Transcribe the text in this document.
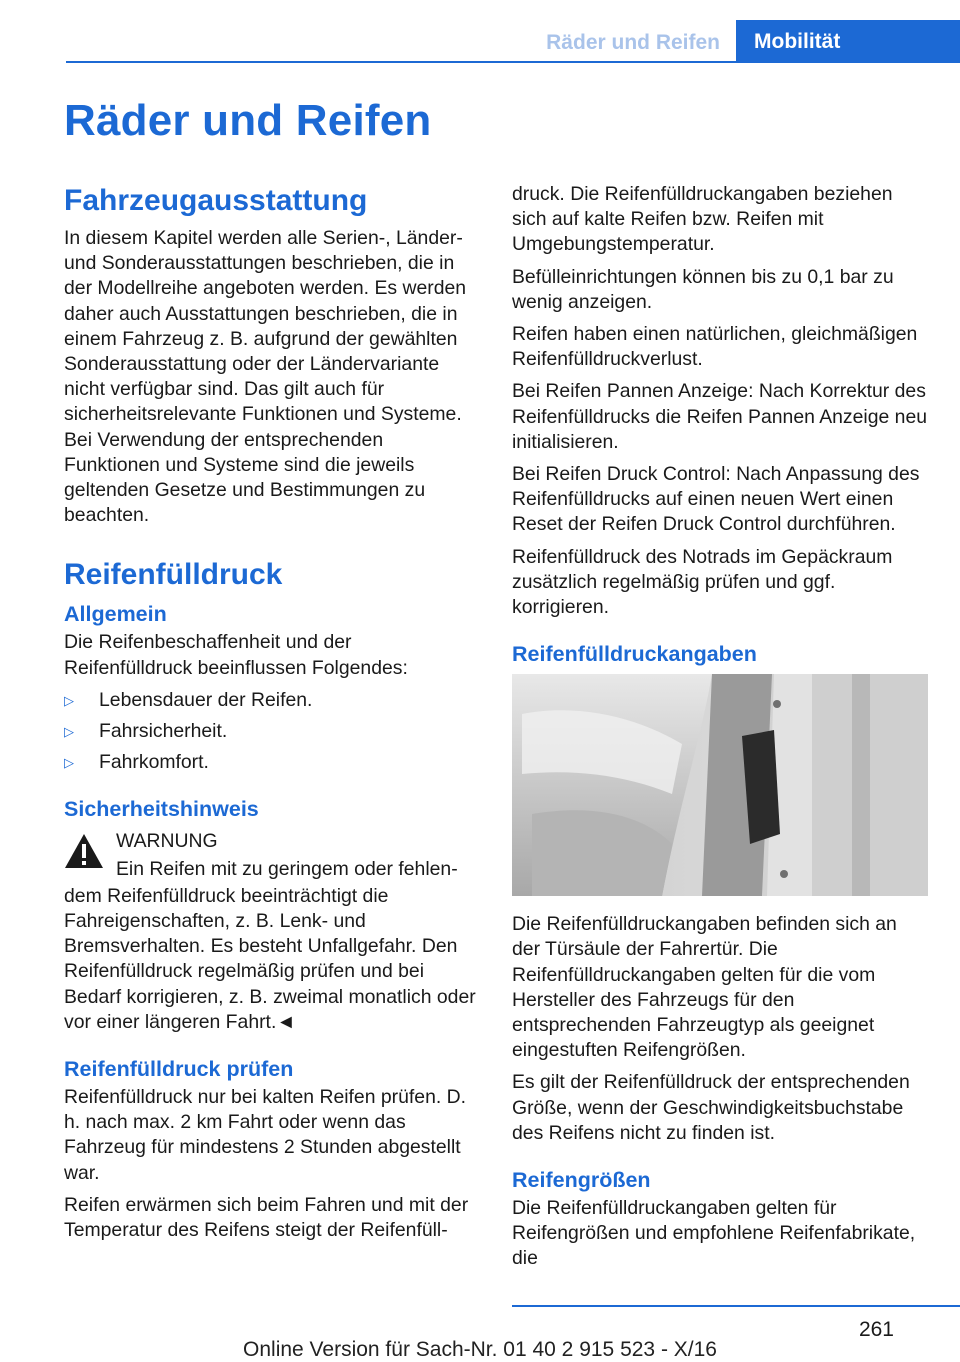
Räder und Reifen	Mobilität
Räder und Reifen
Fahrzeugausstattung

In diesem Kapitel werden alle Serien-, Länder- und Sonderausstattungen beschrieben, die in der Modellreihe angeboten werden. Es werden daher auch Ausstattungen beschrieben, die in einem Fahrzeug z. B. aufgrund der gewählten Sonderausstattung oder der Ländervariante nicht verfügbar sind. Das gilt auch für sicherheitsrelevante Funktionen und Systeme. Bei Verwendung der entsprechenden Funktionen und Systeme sind die jeweils geltenden Gesetze und Bestimmungen zu beachten.

Reifenfülldruck
Allgemein

Die Reifenbeschaffenheit und der Reifenfülldruck beeinflussen Folgendes:

▷ Lebensdauer der Reifen.
▷ Fahrsicherheit.
▷ Fahrkomfort.
Sicherheitshinweis

WARNUNG

Ein Reifen mit zu geringem oder fehlen-

dem Reifenfülldruck beeinträchtigt die Fahreigenschaften, z. B. Lenk- und Bremsverhalten. Es besteht Unfallgefahr. Den Reifenfülldruck regelmäßig prüfen und bei Bedarf korrigieren, z. B. zweimal monatlich oder vor einer längeren Fahrt.◄

Reifenfülldruck prüfen

Reifenfülldruck nur bei kalten Reifen prüfen. D. h. nach max. 2 km Fahrt oder wenn das Fahrzeug für mindestens 2 Stunden abgestellt war.

Reifen erwärmen sich beim Fahren und mit der Temperatur des Reifens steigt der Reifenfüll-

druck. Die Reifenfülldruckangaben beziehen sich auf kalte Reifen bzw. Reifen mit Umgebungstemperatur.

Befülleinrichtungen können bis zu 0,1 bar zu wenig anzeigen.

Reifen haben einen natürlichen, gleichmäßigen Reifenfülldruckverlust.

Bei Reifen Pannen Anzeige: Nach Korrektur des Reifenfülldrucks die Reifen Pannen Anzeige neu initialisieren.

Bei Reifen Druck Control: Nach Anpassung des Reifenfülldrucks auf einen neuen Wert einen Reset der Reifen Druck Control durchführen.

Reifenfülldruck des Notrads im Gepäckraum zusätzlich regelmäßig prüfen und ggf. korrigieren.

Reifenfülldruckangaben

Die Reifenfülldruckangaben befinden sich an der Türsäule der Fahrertür. Die Reifenfülldruckangaben gelten für die vom Hersteller des Fahrzeugs für den entsprechenden Fahrzeugtyp als geeignet eingestuften Reifengrößen.

Es gilt der Reifenfülldruck der entsprechenden Größe, wenn der Geschwindigkeitsbuchstabe des Reifens nicht zu finden ist.

Reifengrößen

Die Reifenfülldruckangaben gelten für Reifengrößen und empfohlene Reifenfabrikate, die

261
Online Version für Sach-Nr. 01 40 2 915 523 - X/16
